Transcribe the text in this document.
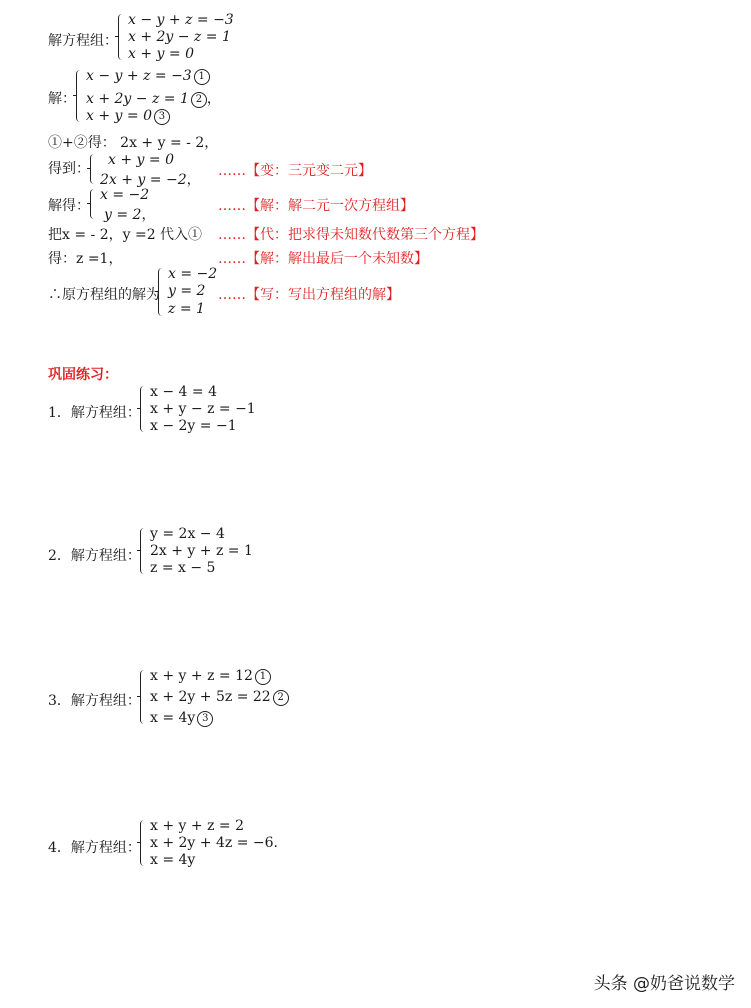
解方程组：
x − y + z = −3
x + 2y − z = 1
x + y = 0
解：
x − y + z = −3 1
x + 2y − z = 1 2 ，
x + y = 0 3
①+②得： 2x + y = - 2，
得到：
x + y = 0
2x + y = −2，
……【变：三元变二元】
解得：
x = −2
y = 2，
……【解：解二元一次方程组】
把x = - 2，y =2 代入① ……【代：把求得未知数代数第三个方程】
得：z =1，	……【解：解出最后一个未知数】
∴原方程组的解为
x = −2
y = 2
z = 1
……【写：写出方程组的解】
巩固练习：
1．解方程组：
x − 4 = 4
x + y − z = −1
x − 2y = −1
2．解方程组：
y = 2x − 4
2x + y + z = 1
z = x − 5
3．解方程组：
x + y + z = 12 1
x + 2y + 5z = 22 2
x = 4y 3
4．解方程组：
x + y + z = 2
x + 2y + 4z = −6.
x = 4y
头条 @奶爸说数学
